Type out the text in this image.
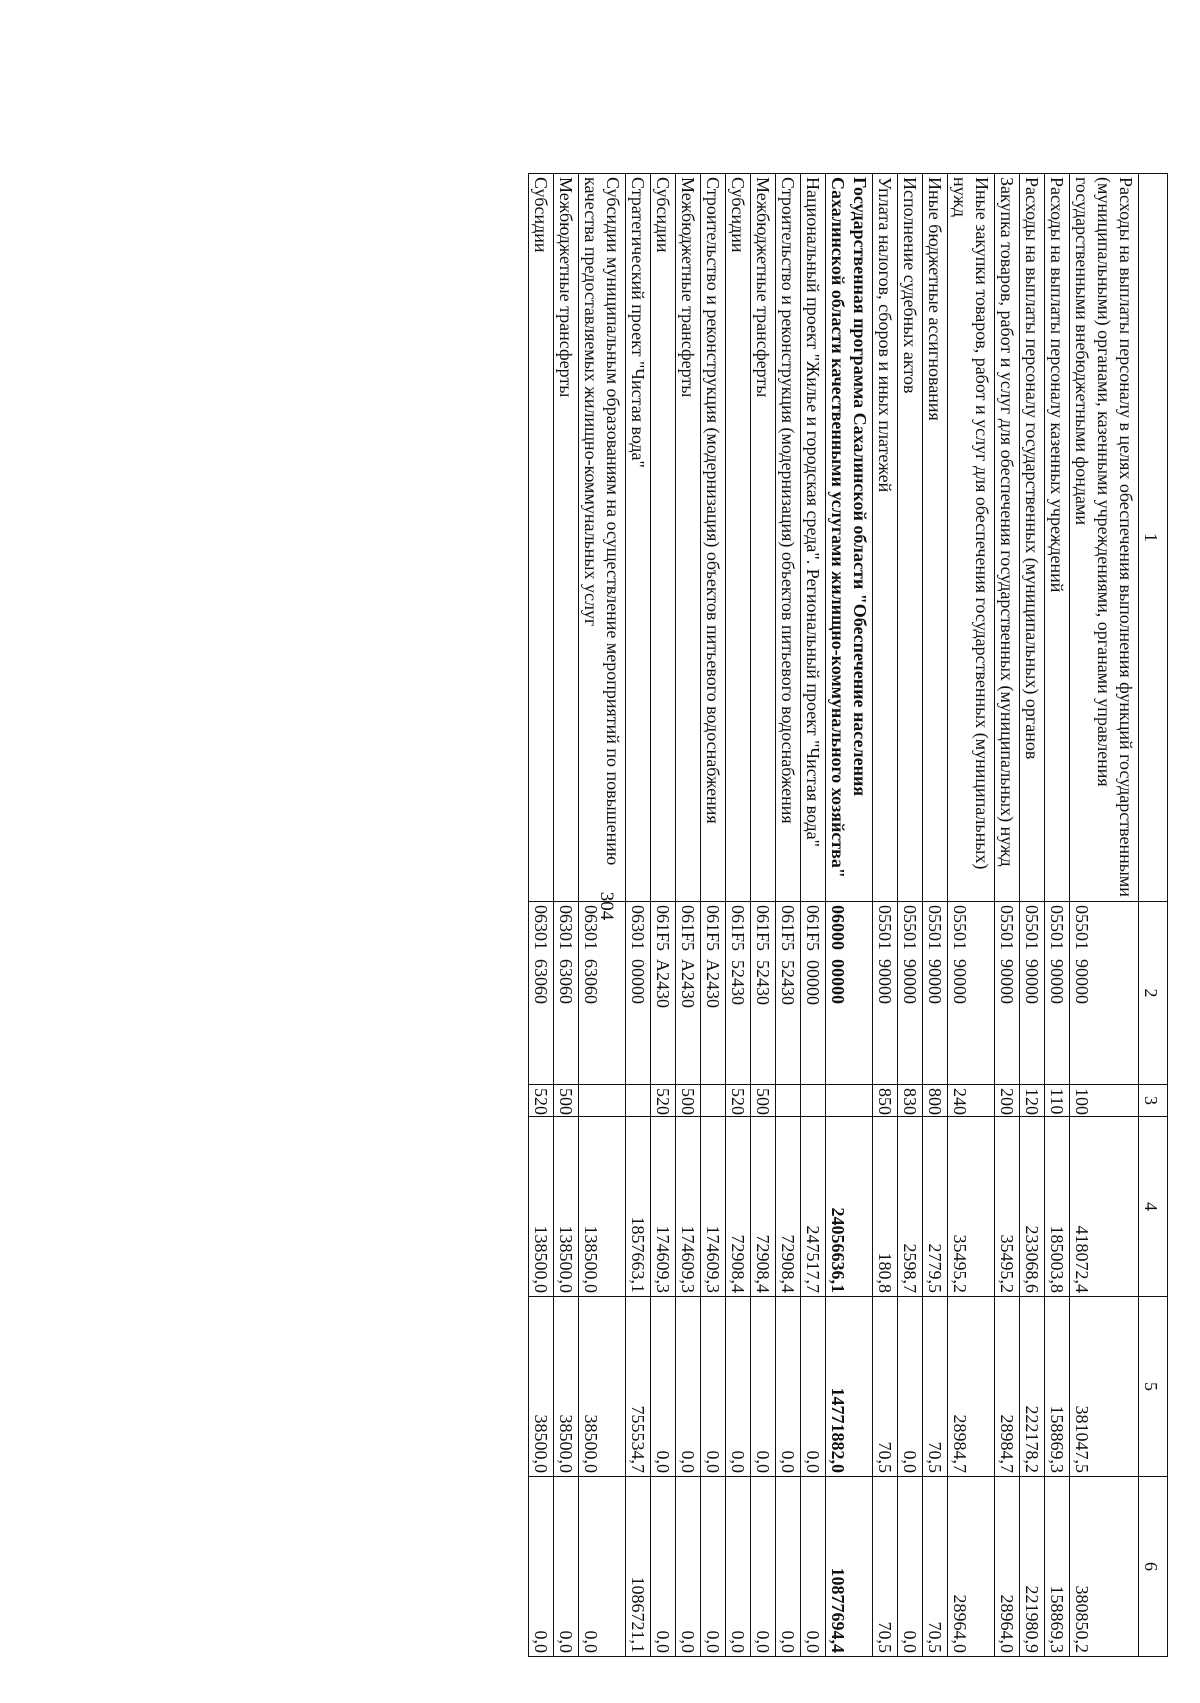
304
1	2	3	4	5	6
Расходы на выплаты персоналу в целях обеспечения выполнения функций государственными (муниципальными) органами, казенными учреждениями, органами управления государственными внебюджетными фондами	05501  90000	100	418072,4	381047,5	380850,2
Расходы на выплаты персоналу казенных учреждений	05501  90000	110	185003,8	158869,3	158869,3
Расходы на выплаты персоналу государственных (муниципальных) органов	05501  90000	120	233068,6	222178,2	221980,9
Закупка товаров, работ и услуг для обеспечения государственных (муниципальных) нужд	05501  90000	200	35495,2	28984,7	28964,0
Иные закупки товаров, работ и услуг для обеспечения государственных (муниципальных) нужд	05501  90000	240	35495,2	28984,7	28964,0
Иные бюджетные ассигнования	05501  90000	800	2779,5	70,5	70,5
Исполнение судебных актов	05501  90000	830	2598,7	0,0	0,0
Уплата налогов, сборов и иных платежей	05501  90000	850	180,8	70,5	70,5
Государственная программа Сахалинской области "Обеспечение населения Сахалинской области качественными услугами жилищно-коммунального хозяйства"	06000  00000		24056636,1	14771882,0	10877694,4
Национальный проект "Жилье и городская среда". Региональный проект "Чистая вода"	061F5  00000		247517,7	0,0	0,0
Строительство и реконструкция (модернизация) объектов питьевого водоснабжения	061F5  52430		72908,4	0,0	0,0
Межбюджетные трансферты	061F5  52430	500	72908,4	0,0	0,0
Субсидии	061F5  52430	520	72908,4	0,0	0,0
Строительство и реконструкция (модернизация) объектов питьевого водоснабжения	061F5  A2430		174609,3	0,0	0,0
Межбюджетные трансферты	061F5  A2430	500	174609,3	0,0	0,0
Субсидии	061F5  A2430	520	174609,3	0,0	0,0
Стратегический проект "Чистая вода"	06301  00000		1857663,1	755534,7	1086721,1
Субсидии муниципальным образованиям на осуществление мероприятий по повышению качества предоставляемых жилищно-коммунальных услуг	06301  63060		138500,0	38500,0	0,0
Межбюджетные трансферты	06301  63060	500	138500,0	38500,0	0,0
Субсидии	06301  63060	520	138500,0	38500,0	0,0
